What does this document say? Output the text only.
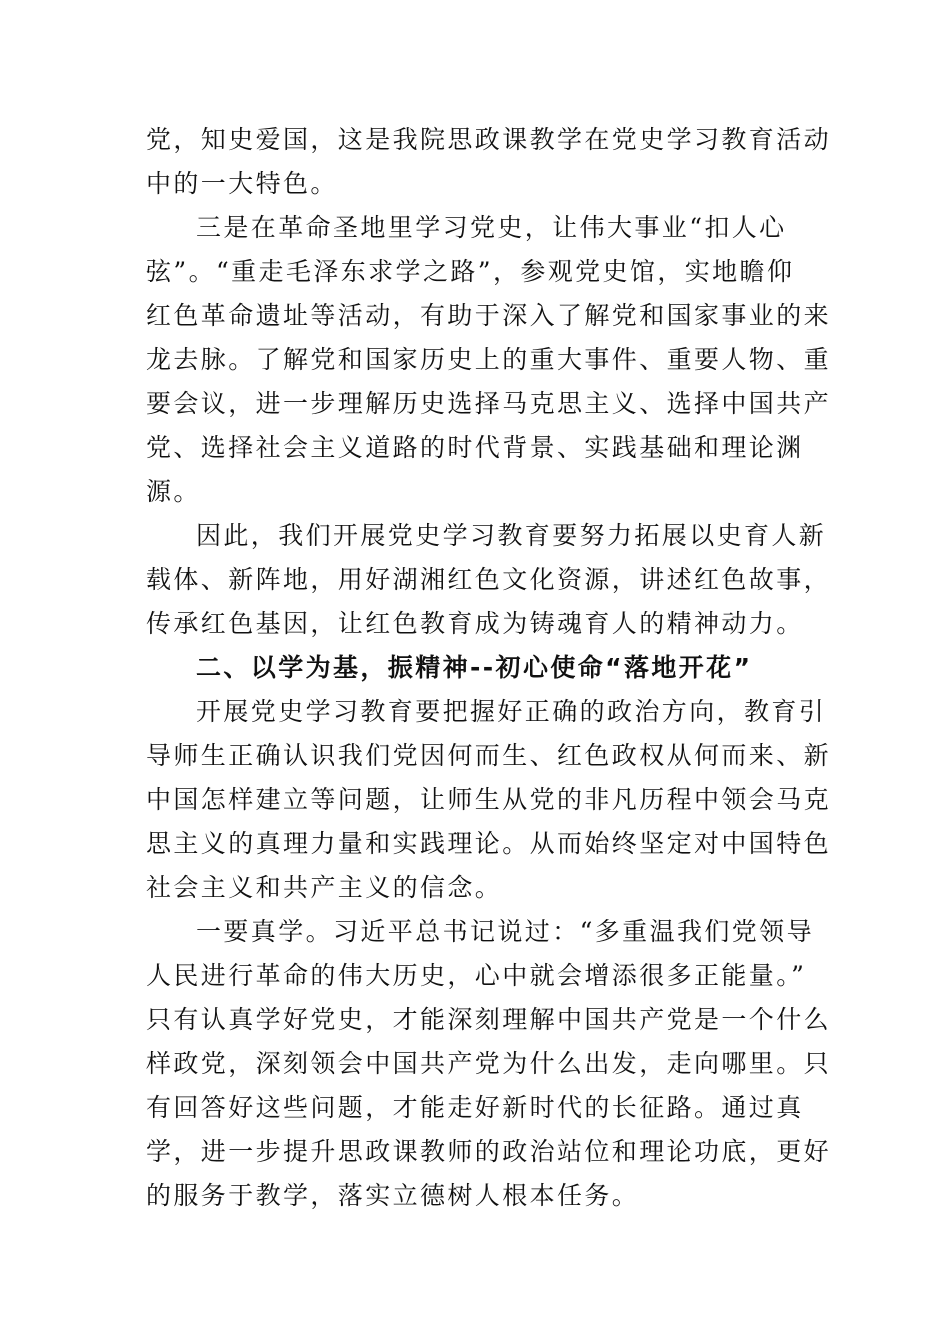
党，知史爱国，这是我院思政课教学在党史学习教育活动
中的一大特色。
三是在革命圣地里学习党史，让伟大事业“扣人心
弦”。“重走毛泽东求学之路”，参观党史馆，实地瞻仰
红色革命遗址等活动，有助于深入了解党和国家事业的来
龙去脉。了解党和国家历史上的重大事件、重要人物、重
要会议，进一步理解历史选择马克思主义、选择中国共产
党、选择社会主义道路的时代背景、实践基础和理论渊
源。
因此，我们开展党史学习教育要努力拓展以史育人新
载体、新阵地，用好湖湘红色文化资源，讲述红色故事，
传承红色基因，让红色教育成为铸魂育人的精神动力。
二、以学为基，振精神--初心使命“落地开花”
开展党史学习教育要把握好正确的政治方向，教育引
导师生正确认识我们党因何而生、红色政权从何而来、新
中国怎样建立等问题，让师生从党的非凡历程中领会马克
思主义的真理力量和实践理论。从而始终坚定对中国特色
社会主义和共产主义的信念。
一要真学。习近平总书记说过：“多重温我们党领导
人民进行革命的伟大历史，心中就会增添很多正能量。”
只有认真学好党史，才能深刻理解中国共产党是一个什么
样政党，深刻领会中国共产党为什么出发，走向哪里。只
有回答好这些问题，才能走好新时代的长征路。通过真
学，进一步提升思政课教师的政治站位和理论功底，更好
的服务于教学，落实立德树人根本任务。
